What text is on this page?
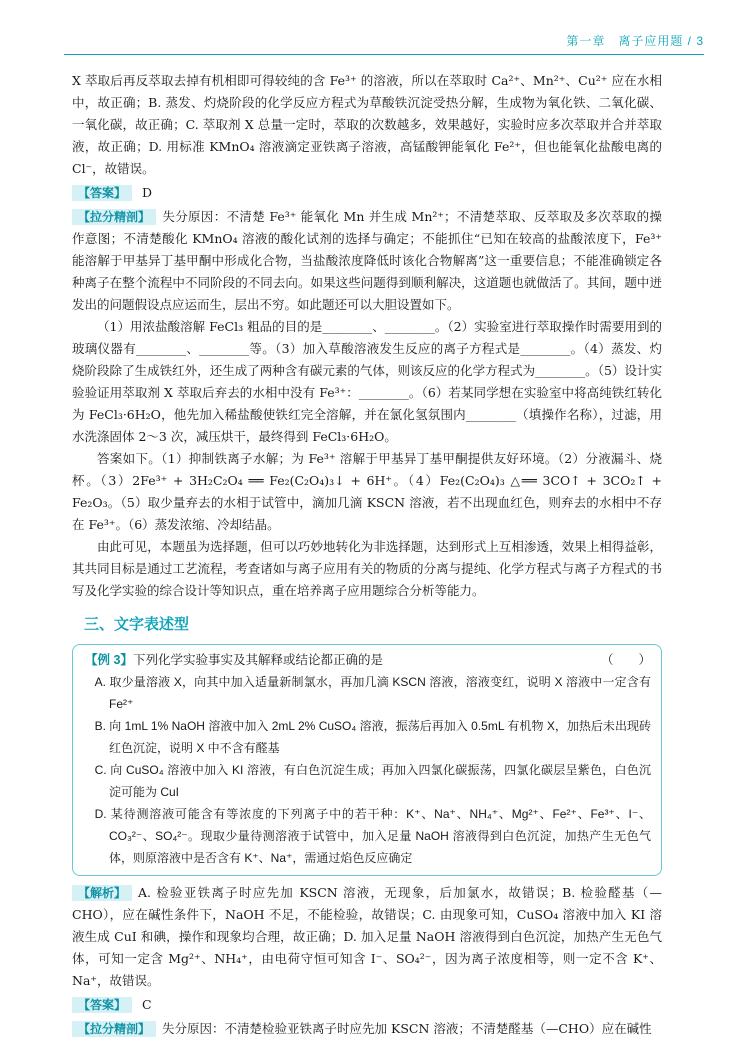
第一章　离子应用题 / 3

X 萃取后再反萃取去掉有机相即可得较纯的含 Fe³⁺ 的溶液，所以在萃取时 Ca²⁺、Mn²⁺、Cu²⁺ 应在水相中，故正确；B. 蒸发、灼烧阶段的化学反应方程式为草酸铁沉淀受热分解，生成物为氧化铁、二氧化碳、一氧化碳，故正确；C. 萃取剂 X 总量一定时，萃取的次数越多，效果越好，实验时应多次萃取并合并萃取液，故正确；D. 用标准 KMnO₄ 溶液滴定亚铁离子溶液，高锰酸钾能氧化 Fe²⁺，但也能氧化盐酸电离的 Cl⁻，故错误。

【答案】 D

【拉分精剖】 失分原因：不清楚 Fe³⁺ 能氧化 Mn 并生成 Mn²⁺；不清楚萃取、反萃取及多次萃取的操作意图；不清楚酸化 KMnO₄ 溶液的酸化试剂的选择与确定；不能抓住“已知在较高的盐酸浓度下，Fe³⁺ 能溶解于甲基异丁基甲酮中形成化合物，当盐酸浓度降低时该化合物解离”这一重要信息；不能准确锁定各种离子在整个流程中不同阶段的不同去向。如果这些问题得到顺利解决，这道题也就做活了。其间，题中迸发出的问题假设点应运而生，层出不穷。如此题还可以大胆设置如下。

（1）用浓盐酸溶解 FeCl₃ 粗品的目的是________、________。（2）实验室进行萃取操作时需要用到的玻璃仪器有________、________等。（3）加入草酸溶液发生反应的离子方程式是________。（4）蒸发、灼烧阶段除了生成铁红外，还生成了两种含有碳元素的气体，则该反应的化学方程式为________。（5）设计实验验证用萃取剂 X 萃取后弃去的水相中没有 Fe³⁺：________。（6）若某同学想在实验室中将高纯铁红转化为 FeCl₃·6H₂O，他先加入稀盐酸使铁红完全溶解，并在氯化氢氛围内________（填操作名称），过滤，用水洗涤固体 2～3 次，减压烘干，最终得到 FeCl₃·6H₂O。

答案如下。（1）抑制铁离子水解；为 Fe³⁺ 溶解于甲基异丁基甲酮提供友好环境。（2）分液漏斗、烧杯。（3）2Fe³⁺ + 3H₂C₂O₄ ══ Fe₂(C₂O₄)₃↓ + 6H⁺。（4）Fe₂(C₂O₄)₃ △══ 3CO↑ + 3CO₂↑ + Fe₂O₃。（5）取少量弃去的水相于试管中，滴加几滴 KSCN 溶液，若不出现血红色，则弃去的水相中不存在 Fe³⁺。（6）蒸发浓缩、冷却结晶。

由此可见，本题虽为选择题，但可以巧妙地转化为非选择题，达到形式上互相渗透，效果上相得益彰，其共同目标是通过工艺流程，考查诸如与离子应用有关的物质的分离与提纯、化学方程式与离子方程式的书写及化学实验的综合设计等知识点，重在培养离子应用题综合分析等能力。

三、文字表述型
【例 3】下列化学实验事实及其解释或结论都正确的是	（　　）

A. 取少量溶液 X，向其中加入适量新制氯水，再加几滴 KSCN 溶液，溶液变红，说明 X 溶液中一定含有 Fe²⁺

B. 向 1mL 1% NaOH 溶液中加入 2mL 2% CuSO₄ 溶液，振荡后再加入 0.5mL 有机物 X，加热后未出现砖红色沉淀，说明 X 中不含有醛基

C. 向 CuSO₄ 溶液中加入 KI 溶液，有白色沉淀生成；再加入四氯化碳振荡，四氯化碳层呈紫色，白色沉淀可能为 CuI

D. 某待测溶液可能含有等浓度的下列离子中的若干种：K⁺、Na⁺、NH₄⁺、Mg²⁺、Fe²⁺、Fe³⁺、I⁻、CO₃²⁻、SO₄²⁻。现取少量待测溶液于试管中，加入足量 NaOH 溶液得到白色沉淀，加热产生无色气体，则原溶液中是否含有 K⁺、Na⁺，需通过焰色反应确定

【解析】 A. 检验亚铁离子时应先加 KSCN 溶液，无现象，后加氯水，故错误；B. 检验醛基（—CHO），应在碱性条件下，NaOH 不足，不能检验，故错误；C. 由现象可知，CuSO₄ 溶液中加入 KI 溶液生成 CuI 和碘，操作和现象均合理，故正确；D. 加入足量 NaOH 溶液得到白色沉淀，加热产生无色气体，可知一定含 Mg²⁺、NH₄⁺，由电荷守恒可知含 I⁻、SO₄²⁻，因为离子浓度相等，则一定不含 K⁺、Na⁺，故错误。

【答案】 C

【拉分精剖】 失分原因：不清楚检验亚铁离子时应先加 KSCN 溶液；不清楚醛基（—CHO）应在碱性
